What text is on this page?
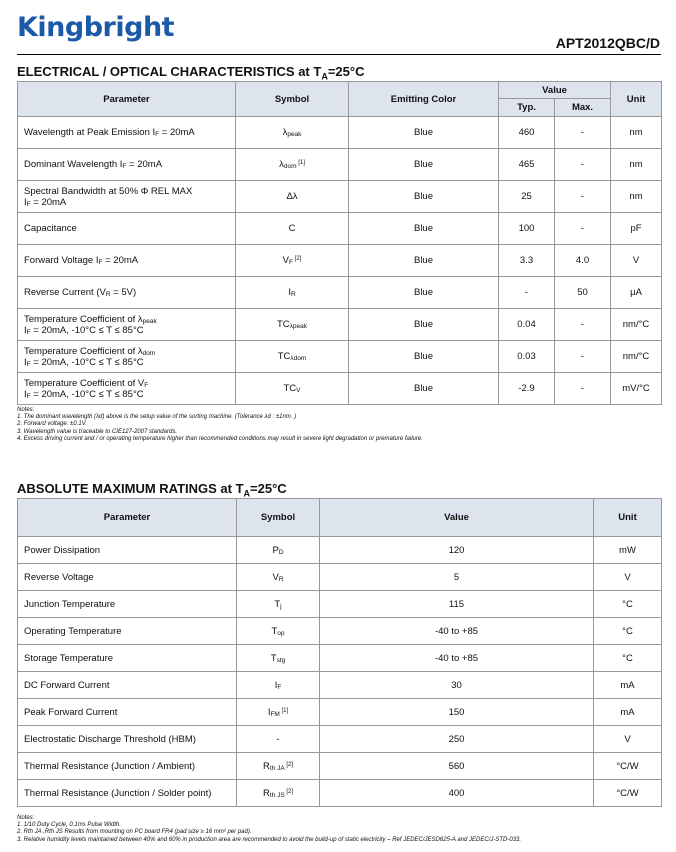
Kingbright	APT2012QBC/D
ELECTRICAL / OPTICAL CHARACTERISTICS at $T_A=25^\circ C$
Parameter	Symbol	Emitting Color	Value		Unit
			Typ.	Max.	
Wavelength at Peak Emission IF = 20mA	λpeak	Blue	460	-	nm
Dominant Wavelength IF = 20mA	λdom [1]	Blue	465	-	nm
Spectral Bandwidth at 50% Φ REL MAX
IF = 20mA	Δλ	Blue	25	-	nm
Capacitance	C	Blue	100	-	pF
Forward Voltage IF = 20mA	VF [2]	Blue	3.3	4.0	V
Reverse Current (VR = 5V)	IR	Blue	-	50	μA
Temperature Coefficient of λpeak
IF = 20mA, -10°C ≤ T ≤ 85°C	TCλpeak	Blue	0.04	-	nm/°C
Temperature Coefficient of λdom
IF = 20mA, -10°C ≤ T ≤ 85°C	TCλdom	Blue	0.03	-	nm/°C
Temperature Coefficient of VF
IF = 20mA, -10°C ≤ T ≤ 85°C	TCV	Blue	-2.9	-	mV/°C
Notes:
1. The dominant wavelength (λd) above is the setup value of the sorting machine. (Tolerance λd : ±1nm. )
2. Forward voltage: ±0.1V.
3. Wavelength value is traceable to CIE127-2007 standards.
4. Excess driving current and / or operating temperature higher than recommended conditions may result in severe light degradation or premature failure.
ABSOLUTE MAXIMUM RATINGS at $T_A=25^\circ C$
Parameter	Symbol	Value	Unit
Power Dissipation	PD	120	mW
Reverse Voltage	VR	5	V
Junction Temperature	Tj	115	°C
Operating Temperature	Top	-40 to +85	°C
Storage Temperature	Tstg	-40 to +85	°C
DC Forward Current	IF	30	mA
Peak Forward Current	IFM [1]	150	mA
Electrostatic Discharge Threshold (HBM)	-	250	V
Thermal Resistance (Junction / Ambient)	Rth JA [2]	560	°C/W
Thermal Resistance (Junction / Solder point)	Rth JS [2]	400	°C/W
Notes:
1. 1/10 Duty Cycle, 0.1ms Pulse Width.
2. Rth JA ,Rth JS Results from mounting on PC board FR4 (pad size ≥ 16 mm² per pad).
3. Relative humidity levels maintained between 40% and 60% in production area are recommended to avoid the build-up of static electricity – Ref JEDEC/JESD625-A and JEDEC/J-STD-033.
